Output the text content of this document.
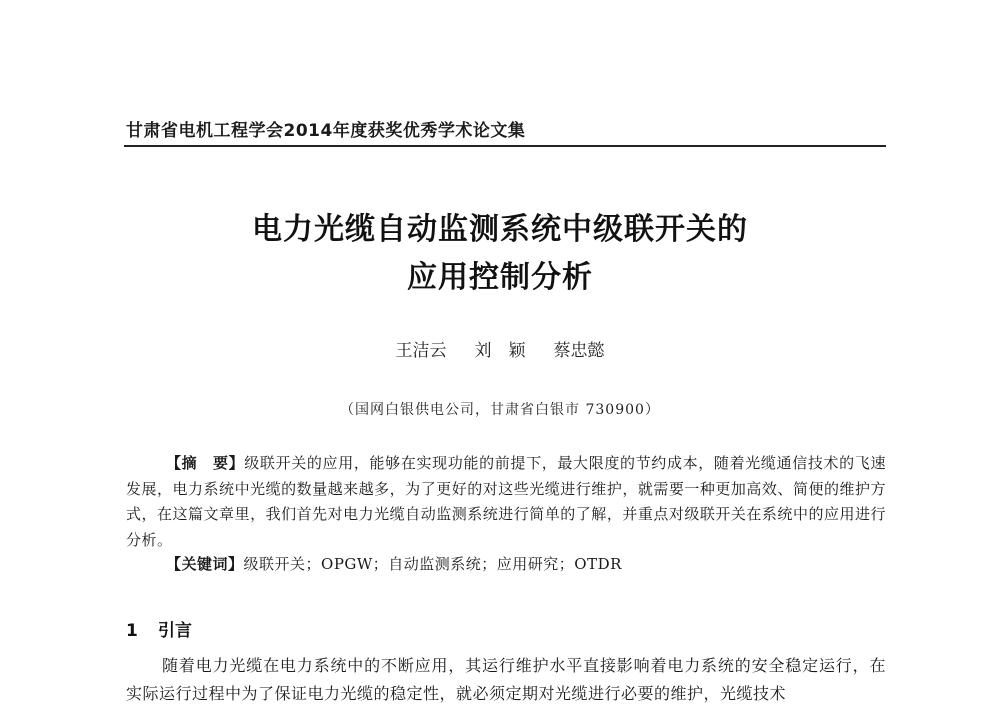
甘肃省电机工程学会2014年度获奖优秀学术论文集
电力光缆自动监测系统中级联开关的
应用控制分析
王洁云 刘　颖 蔡忠懿
（国网白银供电公司，甘肃省白银市 730900）
【摘　要】级联开关的应用，能够在实现功能的前提下，最大限度的节约成本，随着光缆通信技术的飞速发展，电力系统中光缆的数量越来越多，为了更好的对这些光缆进行维护，就需要一种更加高效、简便的维护方式，在这篇文章里，我们首先对电力光缆自动监测系统进行简单的了解，并重点对级联开关在系统中的应用进行分析。
【关键词】级联开关；OPGW；自动监测系统；应用研究；OTDR
1 引言
随着电力光缆在电力系统中的不断应用，其运行维护水平直接影响着电力系统的安全稳定运行，在实际运行过程中为了保证电力光缆的稳定性，就必须定期对光缆进行必要的维护，光缆技术
